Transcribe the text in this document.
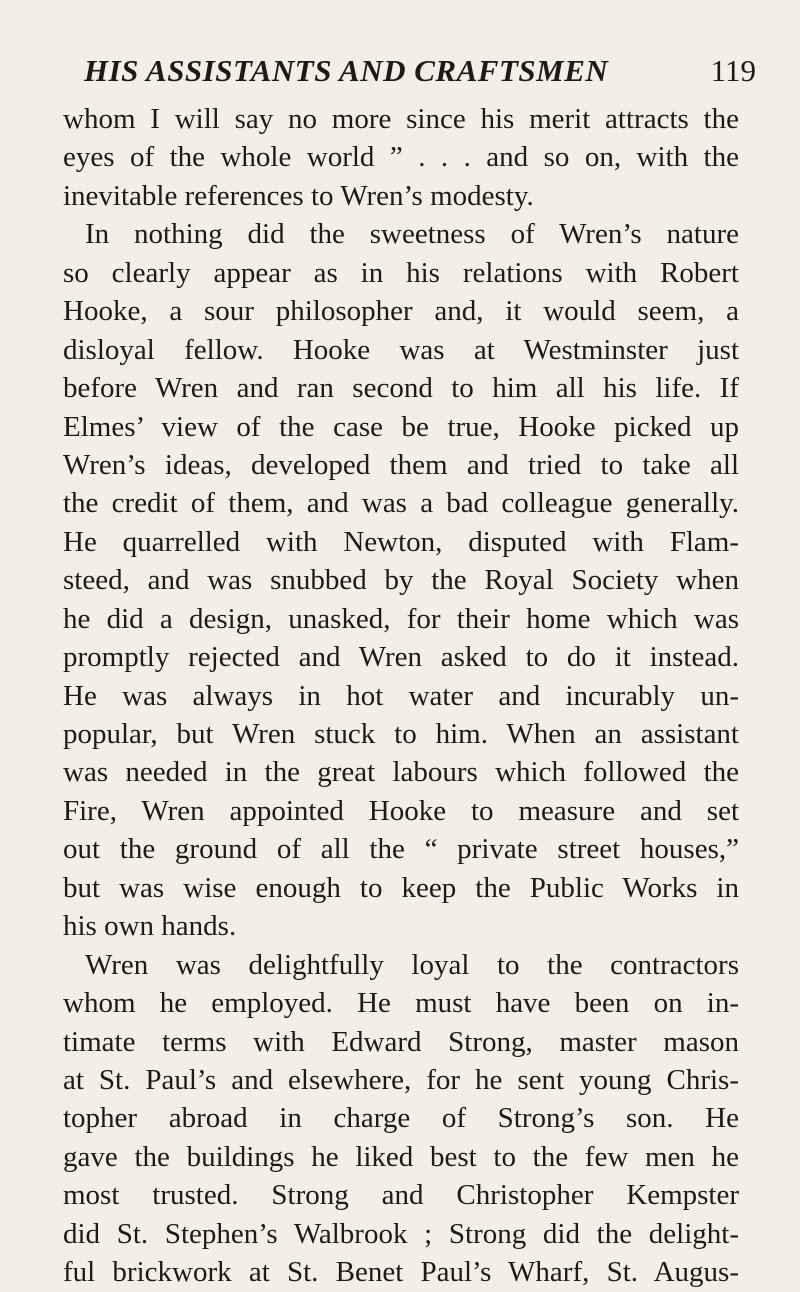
HIS ASSISTANTS AND CRAFTSMEN	119
whom I will say no more since his merit attracts the
eyes of the whole world ” . . . and so on, with the
inevitable references to Wren’s modesty.
In nothing did the sweetness of Wren’s nature
so clearly appear as in his relations with Robert
Hooke, a sour philosopher and, it would seem, a
disloyal fellow. Hooke was at Westminster just
before Wren and ran second to him all his life. If
Elmes’ view of the case be true, Hooke picked up
Wren’s ideas, developed them and tried to take all
the credit of them, and was a bad colleague generally.
He quarrelled with Newton, disputed with Flam-
steed, and was snubbed by the Royal Society when
he did a design, unasked, for their home which was
promptly rejected and Wren asked to do it instead.
He was always in hot water and incurably un-
popular, but Wren stuck to him. When an assistant
was needed in the great labours which followed the
Fire, Wren appointed Hooke to measure and set
out the ground of all the “ private street houses,”
but was wise enough to keep the Public Works in
his own hands.
Wren was delightfully loyal to the contractors
whom he employed. He must have been on in-
timate terms with Edward Strong, master mason
at St. Paul’s and elsewhere, for he sent young Chris-
topher abroad in charge of Strong’s son. He
gave the buildings he liked best to the few men he
most trusted. Strong and Christopher Kempster
did St. Stephen’s Walbrook ; Strong did the delight-
ful brickwork at St. Benet Paul’s Wharf, St. Augus-
